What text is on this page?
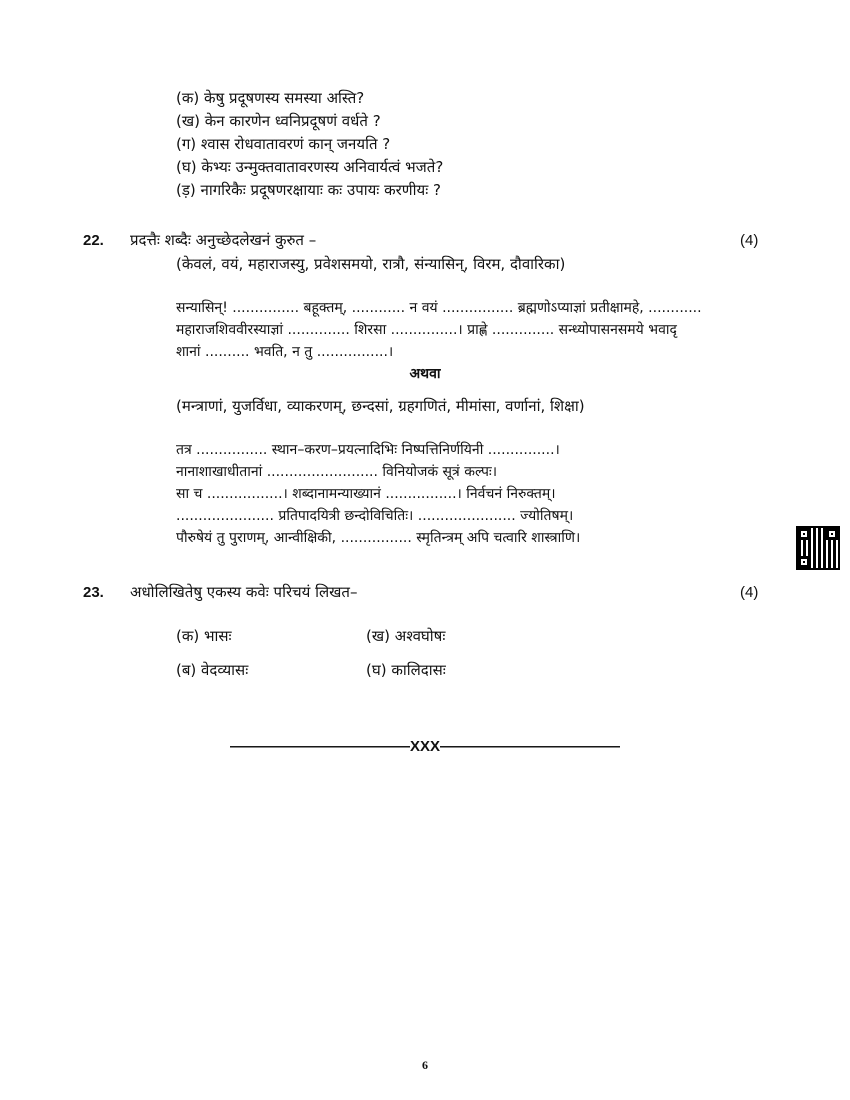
(क) केषु प्रदूषणस्य समस्या अस्ति?
(ख) केन कारणेन ध्वनिप्रदूषणं वर्धते ?
(ग) श्वास रोधवातावरणं कान् जनयति ?
(घ) केभ्यः उन्मुक्तवातावरणस्य अनिवार्यत्वं भजते?
(ड़) नागरिकैः प्रदूषणरक्षायाः कः उपायः करणीयः ?
22. प्रदत्तैः शब्दैः अनुच्छेदलेखनं कुरुत –	(4)
(केवलं, वयं, महाराजस्यु, प्रवेशसमयो, रात्रौ, संन्यासिन्, विरम, दौवारिका)
सन्यासिन्! ............... बहूक्तम्, ............ न वयं ................ ब्रह्मणोऽप्याज्ञां प्रतीक्षामहे, ............
महाराजशिववीरस्याज्ञां .............. शिरसा ...............। प्राह्णे .............. सन्ध्योपासनसमये भवादृ
शानां .......... भवति, न तु ................।
अथवा
(मन्त्राणां, युजर्विधा, व्याकरणम्, छन्दसां, ग्रहगणितं, मीमांसा, वर्णानां, शिक्षा)
तत्र ................ स्थान–करण–प्रयत्नादिभिः निष्पत्तिनिर्णयिनी ...............।
नानाशाखाधीतानां ......................... विनियोजकं सूत्रं कल्पः।
सा च .................। शब्दानामन्याख्यानं ................। निर्वचनं निरुक्तम्।
...................... प्रतिपादयित्री छन्दोविचितिः। ...................... ज्योतिषम्।
पौरुषेयं तु पुराणम्, आन्वीक्षिकी, ................ स्मृतिन्त्रम् अपि चत्वारि शास्त्राणि।
23. अधोलिखितेषु एकस्य कवेः परिचयं लिखत–	(4)
(क) भासः	(ख) अश्वघोषः
(ब) वेदव्यासः	(घ) कालिदासः
————————————XXX————————————
6
